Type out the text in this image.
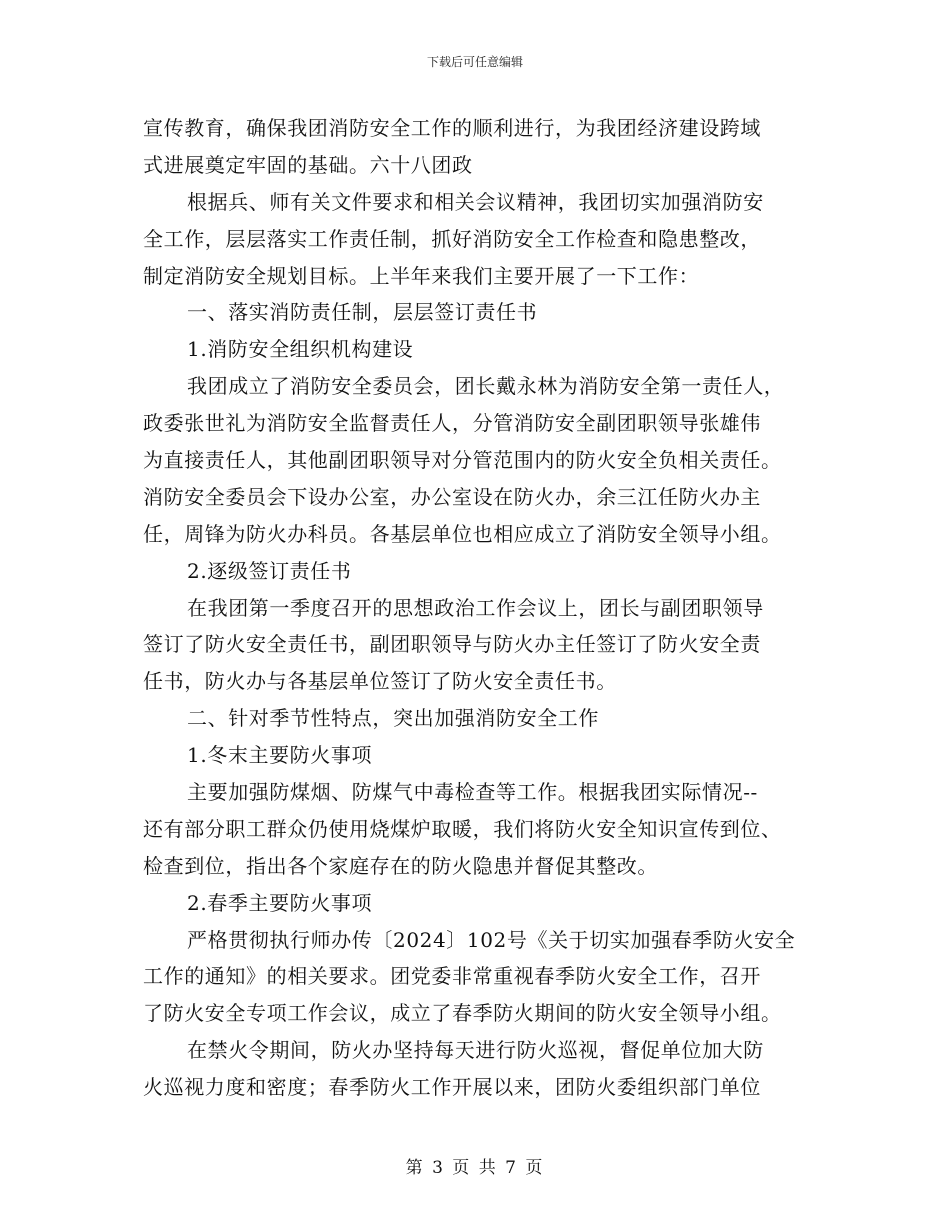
下载后可任意编辑
宣传教育，确保我团消防安全工作的顺利进行，为我团经济建设跨域
式进展奠定牢固的基础。六十八团政
根据兵、师有关文件要求和相关会议精神，我团切实加强消防安
全工作，层层落实工作责任制，抓好消防安全工作检查和隐患整改，
制定消防安全规划目标。上半年来我们主要开展了一下工作：
一、落实消防责任制，层层签订责任书
1.消防安全组织机构建设
我团成立了消防安全委员会，团长戴永林为消防安全第一责任人，
政委张世礼为消防安全监督责任人，分管消防安全副团职领导张雄伟
为直接责任人，其他副团职领导对分管范围内的防火安全负相关责任。
消防安全委员会下设办公室，办公室设在防火办，余三江任防火办主
任，周锋为防火办科员。各基层单位也相应成立了消防安全领导小组。
2.逐级签订责任书
在我团第一季度召开的思想政治工作会议上，团长与副团职领导
签订了防火安全责任书，副团职领导与防火办主任签订了防火安全责
任书，防火办与各基层单位签订了防火安全责任书。
二、针对季节性特点，突出加强消防安全工作
1.冬末主要防火事项
主要加强防煤烟、防煤气中毒检查等工作。根据我团实际情况--
还有部分职工群众仍使用烧煤炉取暖，我们将防火安全知识宣传到位、
检查到位，指出各个家庭存在的防火隐患并督促其整改。
2.春季主要防火事项
严格贯彻执行师办传〔2024〕102号《关于切实加强春季防火安全
工作的通知》的相关要求。团党委非常重视春季防火安全工作，召开
了防火安全专项工作会议，成立了春季防火期间的防火安全领导小组。
在禁火令期间，防火办坚持每天进行防火巡视，督促单位加大防
火巡视力度和密度；春季防火工作开展以来，团防火委组织部门单位
第 3 页 共 7 页
